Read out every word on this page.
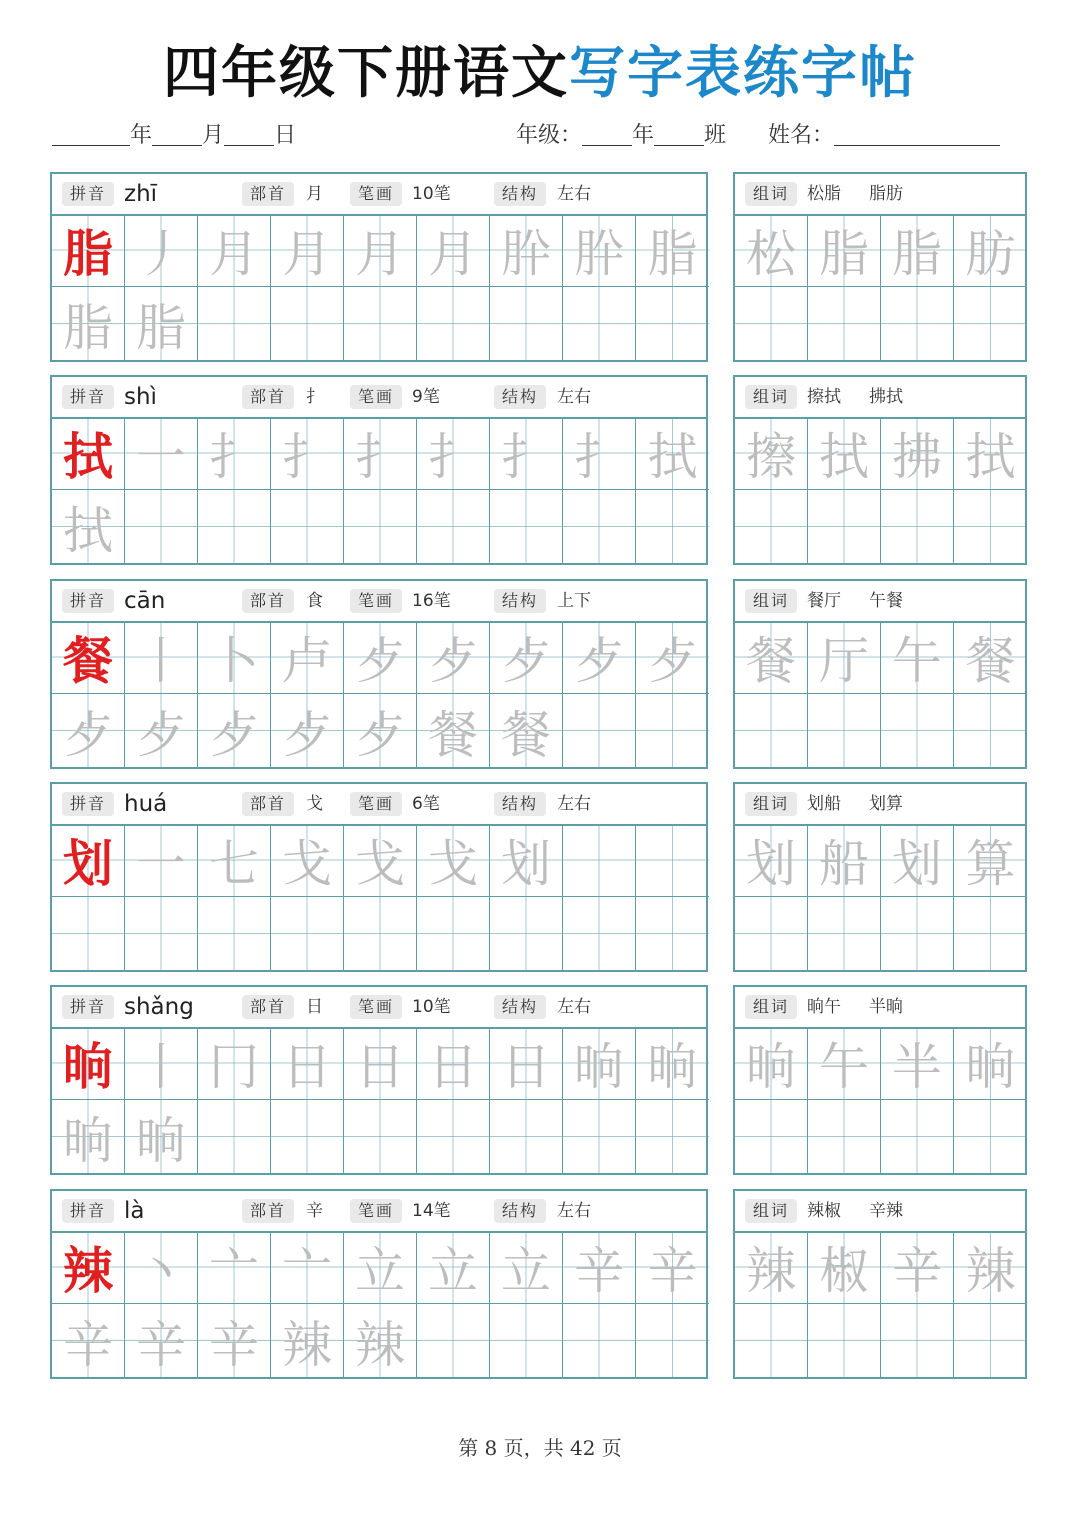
四年级下册语文写字表练字帖
年 月 日	年级： 年 班 姓名：
拼音 zhī	部首	月	笔画	10笔	结构	左右
脂 丿 月 月 月 月 肸 肸 脂
脂 脂
组词	松脂 脂肪
松 脂 脂 肪
拼音 shì	部首	扌	笔画	9笔	结构	左右
拭 一 扌 扌 扌 扌 扌 扌 拭
拭
组词	擦拭 拂拭
擦 拭 拂 拭
拼音 cān	部首	食	笔画	16笔	结构	上下
餐 丨 卜 卢 歺 歺 歺 歺 歺
歺 歺 歺 歺 歺 餐 餐
组词	餐厅 午餐
餐 厅 午 餐
拼音 huá	部首	戈	笔画	6笔	结构	左右
划 一 七 戈 戈 戈 划
组词	划船 划算
划 船 划 算
拼音 shǎng	部首	日	笔画	10笔	结构	左右
晌 丨 冂 日 日 日 日 晌 晌
晌 晌
组词	晌午 半晌
晌 午 半 晌
拼音 là	部首	辛	笔画	14笔	结构	左右
辣 丶 亠 亠 立 立 立 辛 辛
辛 辛 辛 辣 辣
组词	辣椒 辛辣
辣 椒 辛 辣
第 8 页，共 42 页
